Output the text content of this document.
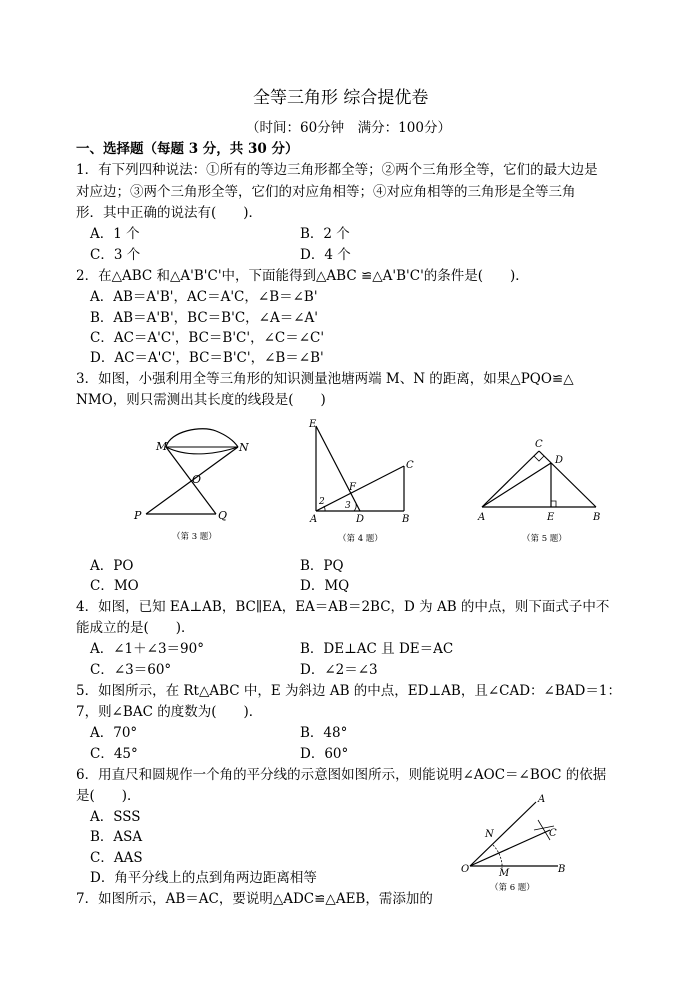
全等三角形 综合提优卷
（时间：60分钟　满分：100分）
一、选择题（每题 3 分，共 30 分）
1．有下列四种说法：①所有的等边三角形都全等；②两个三角形全等，它们的最大边是
对应边；③两个三角形全等，它们的对应角相等；④对应角相等的三角形是全等三角
形．其中正确的说法有(　　)．
A．1 个	B．2 个
C．3 个	D．4 个
2．在△ABC 和△A'B'C'中，下面能得到△ABC ≌△A'B'C'的条件是(　　)．
A．AB＝A'B'，AC＝A'C，∠B＝∠B'
B．AB＝A'B'，BC＝B'C，∠A＝∠A'
C．AC＝A'C'，BC＝B'C'，∠C＝∠C'
D．AC＝A'C'，BC＝B'C'，∠B＝∠B'
3．如图，小强利用全等三角形的知识测量池塘两端 M、N 的距离，如果△PQO≌△
NMO，则只需测出其长度的线段是(　　)
M	N
O
P	Q
（第 3 题）
E
C
F
A	D	B
2 3
（第 4 题）
C
D
A	E	B
（第 5 题）
A．PO	B．PQ
C．MO	D．MQ
4．如图，已知 EA⊥AB，BC∥EA，EA＝AB＝2BC，D 为 AB 的中点，则下面式子中不
能成立的是(　　)．
A．∠1＋∠3＝90°	B．DE⊥AC 且 DE＝AC
C．∠3＝60°	D．∠2＝∠3
5．如图所示，在 Rt△ABC 中，E 为斜边 AB 的中点，ED⊥AB，且∠CAD：∠BAD＝1：
7，则∠BAC 的度数为(　　)．
A．70°	B．48°
C．45°	D．60°
6．用直尺和圆规作一个角的平分线的示意图如图所示，则能说明∠AOC＝∠BOC 的依据
是(　　)．
A．SSS
B．ASA
C．AAS
D．角平分线上的点到角两边距离相等
A
N	C
O	M	B
（第 6 题）
7．如图所示，AB＝AC，要说明△ADC≌△AEB，需添加的
